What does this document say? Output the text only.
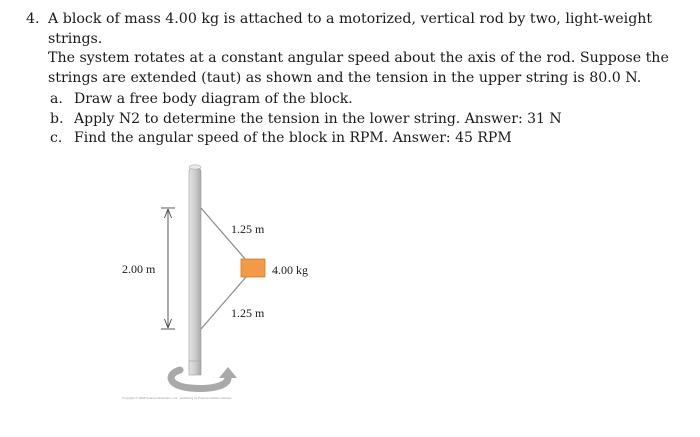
4. A block of mass 4.00 kg is attached to a motorized, vertical rod by two, light-weight strings.
The system rotates at a constant angular speed about the axis of the rod. Suppose the
strings are extended (taut) as shown and the tension in the upper string is 80.0 N.
a. Draw a free body diagram of the block.
b. Apply N2 to determine the tension in the lower string. Answer: 31 N
c. Find the angular speed of the block in RPM. Answer: 45 RPM
2.00 m
1.25 m
4.00 kg
1.25 m
Copyright © 2008 Pearson Education, Inc., publishing as Pearson Addison-Wesley.
